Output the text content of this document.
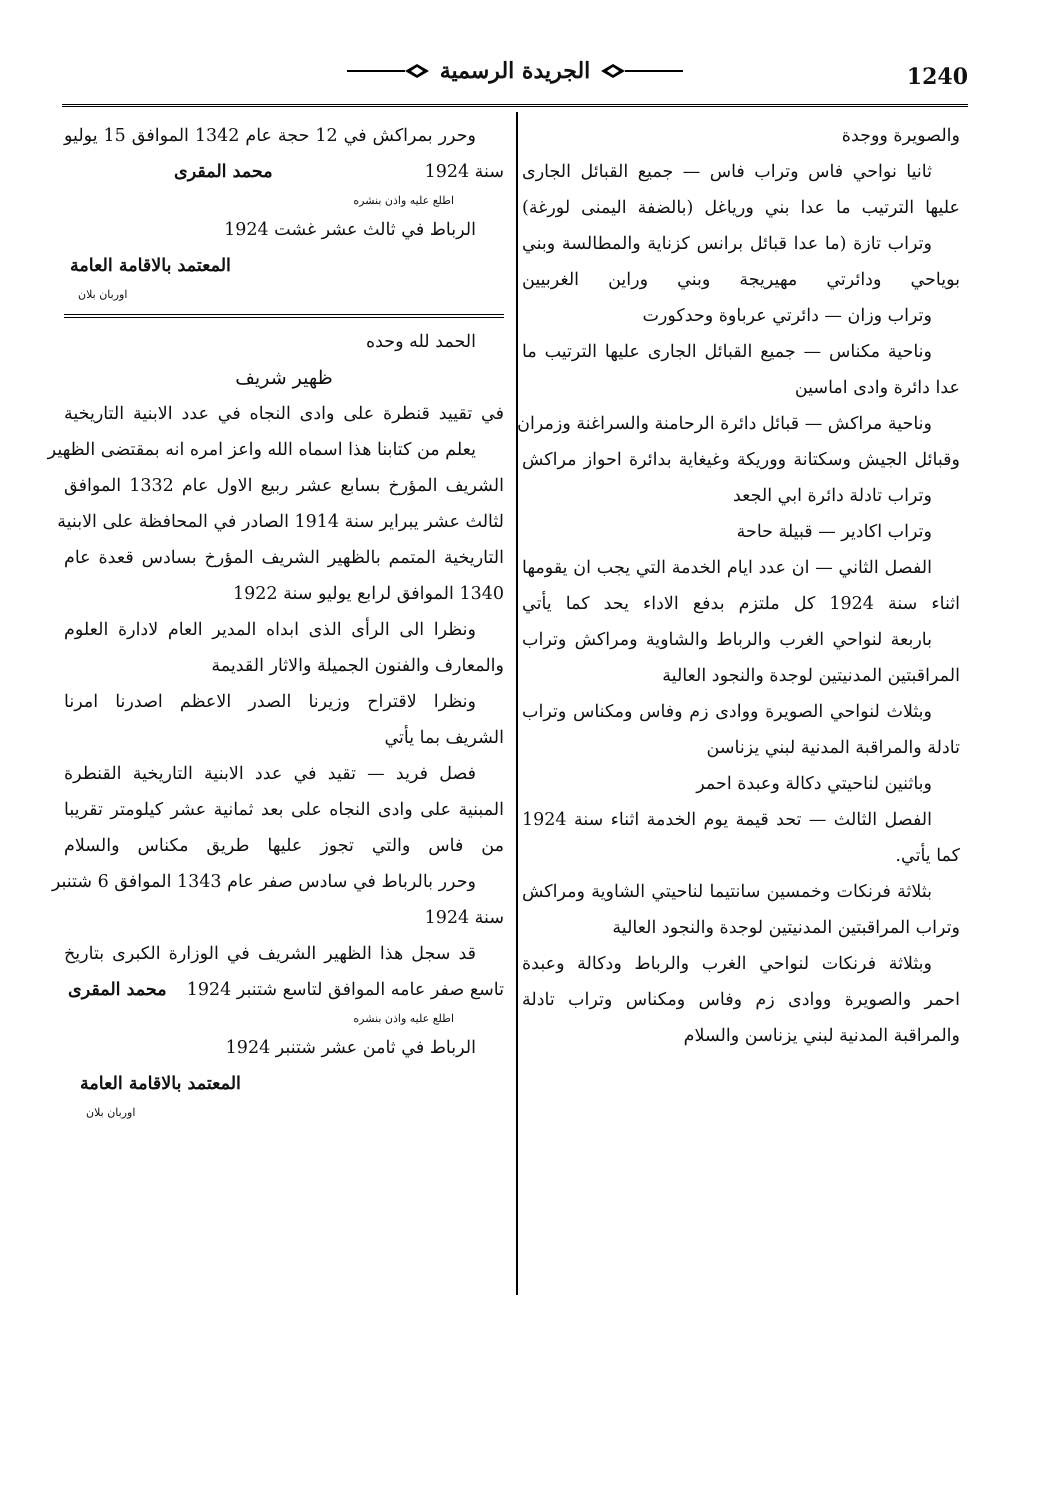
الجريدة الرسمية	1240
والصويرة ووجدة
ثانيا نواحي فاس وتراب فاس — جميع القبائل الجارى
عليها الترتيب ما عدا بني ورياغل (بالضفة اليمنى لورغة)
وتراب تازة (ما عدا قبائل برانس كزناية والمطالسة وبني
بوياحي ودائرتي مهيريجة وبني وراين الغربيين
وتراب وزان — دائرتي عرباوة وحدكورت
وناحية مكناس — جميع القبائل الجارى عليها الترتيب ما
عدا دائرة وادى اماسين
وناحية مراكش — قبائل دائرة الرحامنة والسراغنة وزمران
وقبائل الجيش وسكتانة ووريكة وغيغاية بدائرة احواز مراكش
وتراب تادلة دائرة ابي الجعد
وتراب اكادير — قبيلة حاحة
الفصل الثاني — ان عدد ايام الخدمة التي يجب ان يقومها
اثناء سنة 1924 كل ملتزم بدفع الاداء يحد كما يأتي
باربعة لنواحي الغرب والرباط والشاوية ومراكش وتراب
المراقبتين المدنيتين لوجدة والنجود العالية
وبثلاث لنواحي الصويرة ووادى زم وفاس ومكناس وتراب
تادلة والمراقبة المدنية لبني يزناسن
وباثنين لناحيتي دكالة وعبدة احمر
الفصل الثالث — تحد قيمة يوم الخدمة اثناء سنة 1924
كما يأتي.
بثلاثة فرنكات وخمسين سانتيما لناحيتي الشاوية ومراكش
وتراب المراقبتين المدنيتين لوجدة والنجود العالية
وبثلاثة فرنكات لنواحي الغرب والرباط ودكالة وعبدة
احمر والصويرة ووادى زم وفاس ومكناس وتراب تادلة
والمراقبة المدنية لبني يزناسن والسلام
وحرر بمراكش في 12 حجة عام 1342 الموافق 15 يوليو
سنة 1924
محمد المقرى
اطلع عليه واذن بنشره
الرباط في ثالث عشر غشت 1924
المعتمد بالاقامة العامة
اوربان بلان
الحمد لله وحده
ظهير شريف
في تقييد قنطرة على وادى النجاه في عدد الابنية التاريخية
يعلم من كتابنا هذا اسماه الله واعز امره انه بمقتضى الظهير
الشريف المؤرخ بسابع عشر ربيع الاول عام 1332 الموافق
لثالث عشر يبراير سنة 1914 الصادر في المحافظة على الابنية
التاريخية المتمم بالظهير الشريف المؤرخ بسادس قعدة عام
1340 الموافق لرابع يوليو سنة 1922
ونظرا الى الرأى الذى ابداه المدير العام لادارة العلوم
والمعارف والفنون الجميلة والاثار القديمة
ونظرا لاقتراح وزيرنا الصدر الاعظم اصدرنا امرنا
الشريف بما يأتي
فصل فريد — تقيد في عدد الابنية التاريخية القنطرة
المبنية على وادى النجاه على بعد ثمانية عشر كيلومتر تقريبا
من فاس والتي تجوز عليها طريق مكناس والسلام
وحرر بالرباط في سادس صفر عام 1343 الموافق 6 شتنبر
سنة 1924
قد سجل هذا الظهير الشريف في الوزارة الكبرى بتاريخ
تاسع صفر عامه الموافق لتاسع شتنبر 1924
محمد المقرى
اطلع عليه واذن بنشره
الرباط في ثامن عشر شتنبر 1924
المعتمد بالاقامة العامة
اوربان بلان
